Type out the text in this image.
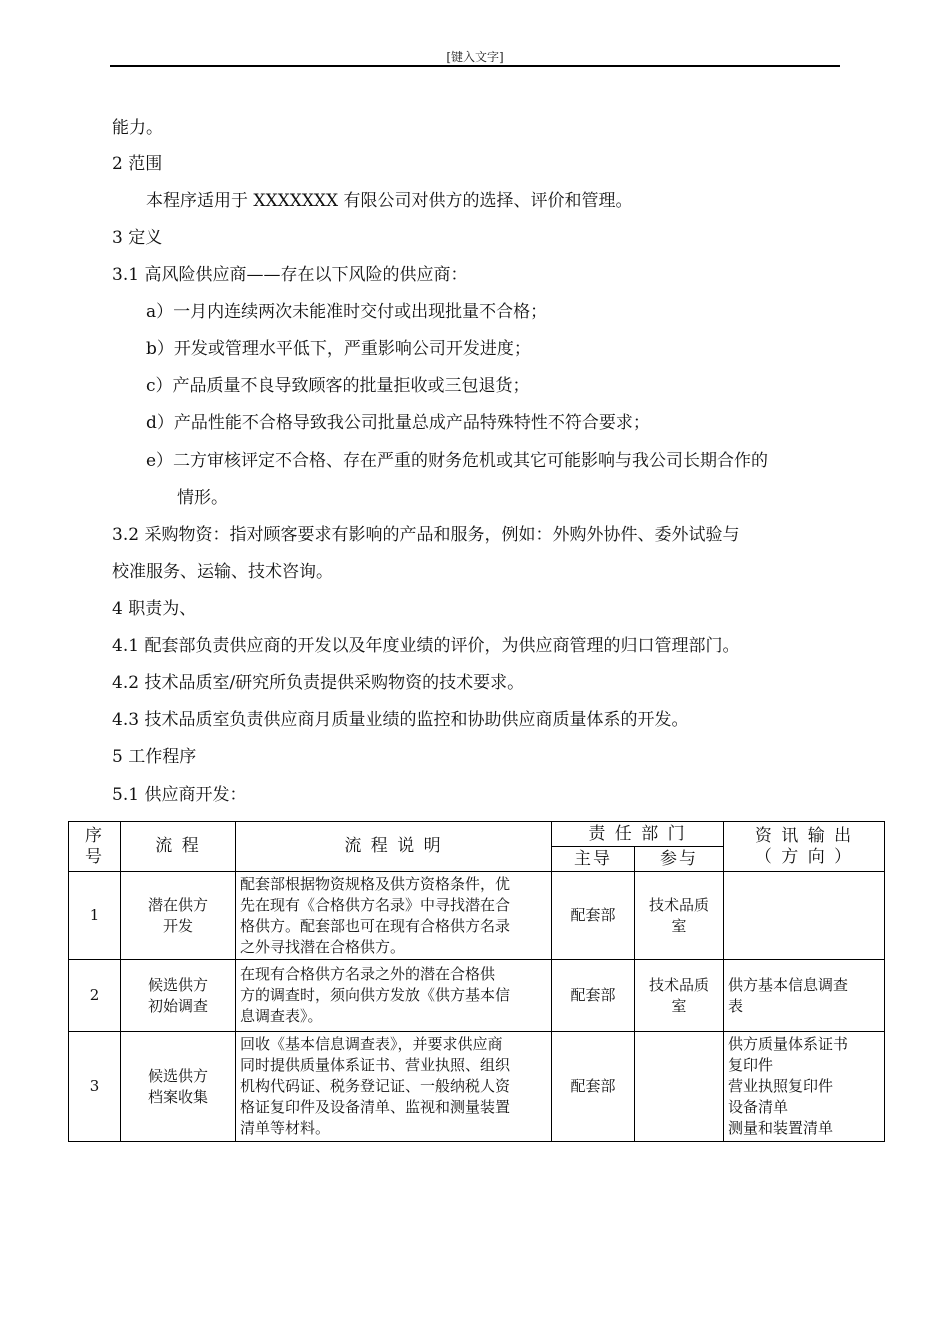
[键入文字]
能力。
2 范围
本程序适用于 XXXXXXX 有限公司对供方的选择、评价和管理。
3 定义
3.1 高风险供应商——存在以下风险的供应商：
a）一月内连续两次未能准时交付或出现批量不合格；
b）开发或管理水平低下，严重影响公司开发进度；
c）产品质量不良导致顾客的批量拒收或三包退货；
d）产品性能不合格导致我公司批量总成产品特殊特性不符合要求；
e）二方审核评定不合格、存在严重的财务危机或其它可能影响与我公司长期合作的
情形。
3.2 采购物资：指对顾客要求有影响的产品和服务，例如：外购外协件、委外试验与
校准服务、运输、技术咨询。
4 职责为、
4.1 配套部负责供应商的开发以及年度业绩的评价，为供应商管理的归口管理部门。
4.2 技术品质室/研究所负责提供采购物资的技术要求。
4.3 技术品质室负责供应商月质量业绩的监控和协助供应商质量体系的开发。
5 工作程序
5.1 供应商开发：
序
号	流 程	流 程 说 明	责 任 部 门		资 讯 输 出
（ 方 向 ）
			主导	参与	
1	潜在供方
开发	配套部根据物资规格及供方资格条件，优
先在现有《合格供方名录》中寻找潜在合
格供方。配套部也可在现有合格供方名录
之外寻找潜在合格供方。	配套部	技术品质
室	
2	候选供方
初始调查	在现有合格供方名录之外的潜在合格供
方的调查时，须向供方发放《供方基本信
息调查表》。	配套部	技术品质
室	供方基本信息调查
表
3	候选供方
档案收集	回收《基本信息调查表》，并要求供应商
同时提供质量体系证书、营业执照、组织
机构代码证、税务登记证、一般纳税人资
格证复印件及设备清单、监视和测量装置
清单等材料。	配套部		供方质量体系证书
复印件
营业执照复印件
设备清单
测量和装置清单
